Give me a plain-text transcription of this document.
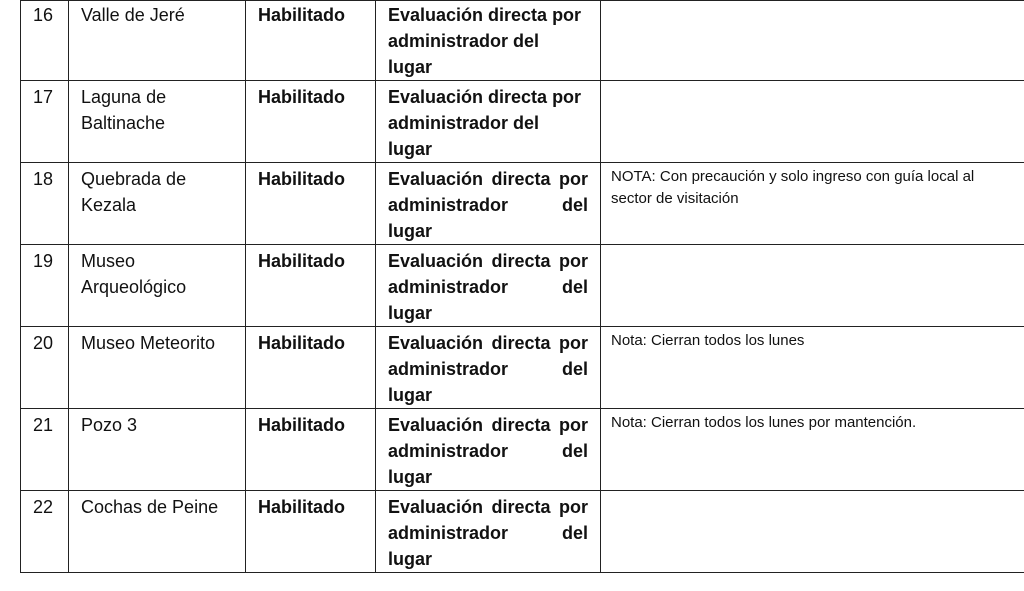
16	Valle de Jeré	Habilitado	Evaluación directa por administrador del lugar	
17	Laguna de Baltinache	Habilitado	Evaluación directa por administrador del lugar	
18	Quebrada de Kezala	Habilitado	Evaluación directa por administrador del lugar	NOTA: Con precaución y solo ingreso con guía local al sector de visitación
19	Museo Arqueológico	Habilitado	Evaluación directa por administrador del lugar	
20	Museo Meteorito	Habilitado	Evaluación directa por administrador del lugar	Nota: Cierran todos los lunes
21	Pozo 3	Habilitado	Evaluación directa por administrador del lugar	Nota: Cierran todos los lunes por mantención.
22	Cochas de Peine	Habilitado	Evaluación directa por administrador del lugar	
